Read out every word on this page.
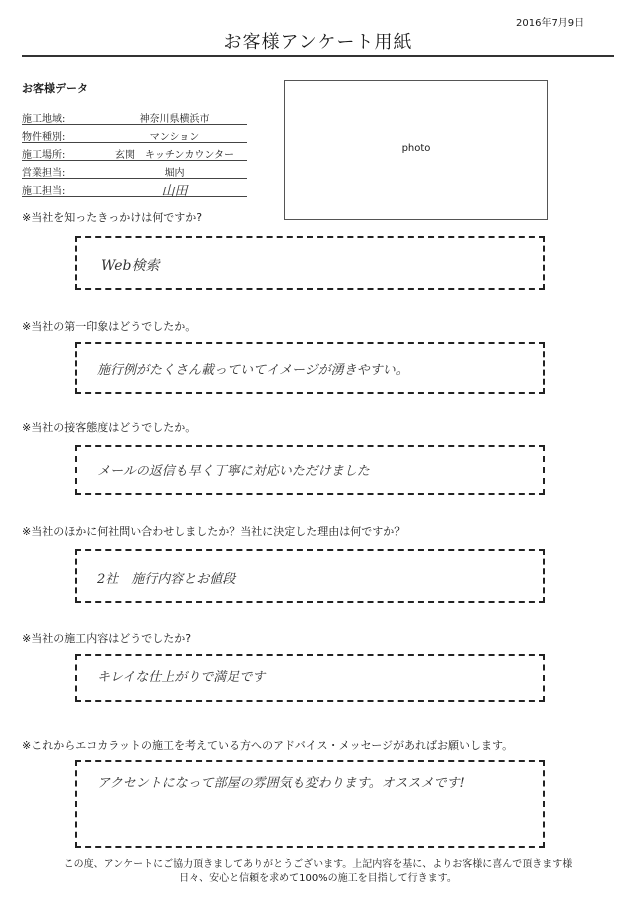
2016年7月9日
お客様アンケート用紙
お客様データ
施工地域:	神奈川県横浜市
物件種別:	マンション
施工場所:	玄関　キッチンカウンター
営業担当:	堀内
施工担当:	山田
photo
※当社を知ったきっかけは何ですか?
Web検索
※当社の第一印象はどうでしたか。
施行例がたくさん載っていてイメージが湧きやすい。
※当社の接客態度はどうでしたか。
メールの返信も早く丁寧に対応いただけました
※当社のほかに何社問い合わせしましたか？当社に決定した理由は何ですか？
2社　施行内容とお値段
※当社の施工内容はどうでしたか?
キレイな仕上がりで満足です
※これからエコカラットの施工を考えている方へのアドバイス・メッセージがあればお願いします。
アクセントになって部屋の雰囲気も変わります。オススメです!
この度、アンケートにご協力頂きましてありがとうございます。上記内容を基に、よりお客様に喜んで頂きます様
日々、安心と信頼を求めて100%の施工を目指して行きます。
